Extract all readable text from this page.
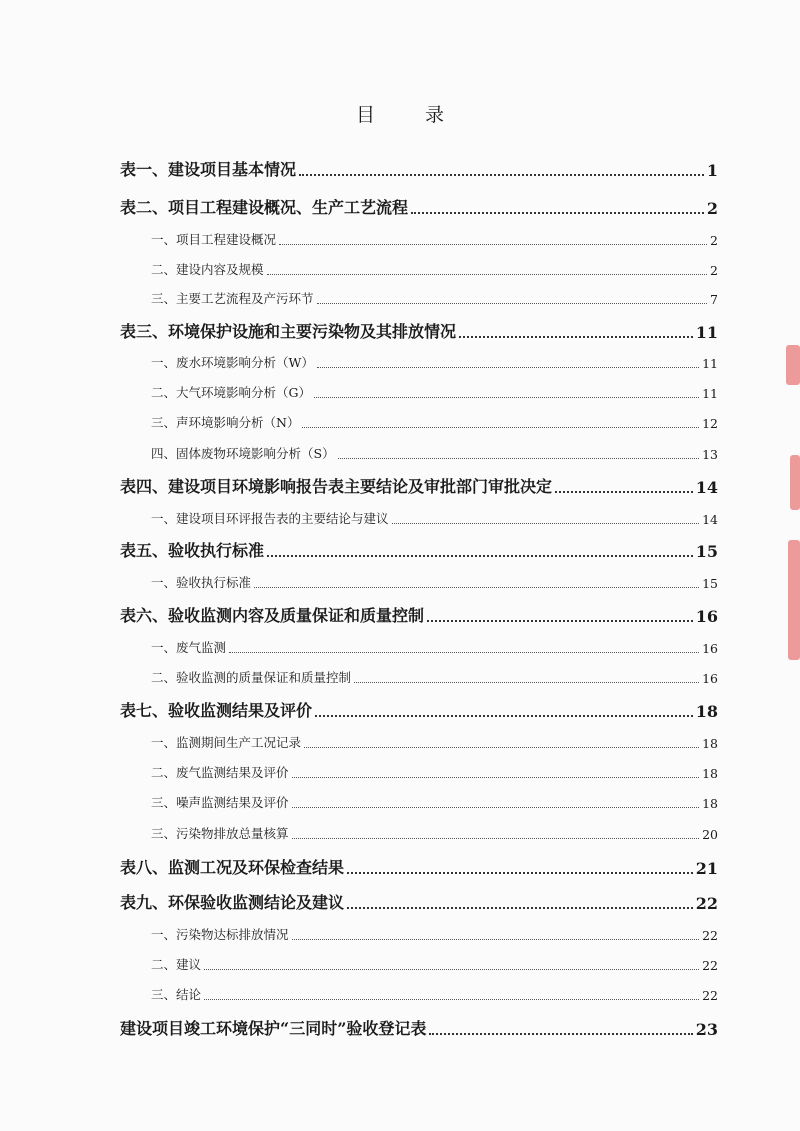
目 录
表一、建设项目基本情况	1
表二、项目工程建设概况、生产工艺流程	2
一、项目工程建设概况	2
二、建设内容及规模	2
三、主要工艺流程及产污环节	7
表三、环境保护设施和主要污染物及其排放情况	11
一、废水环境影响分析（W）	11
二、大气环境影响分析（G）	11
三、声环境影响分析（N）	12
四、固体废物环境影响分析（S）	13
表四、建设项目环境影响报告表主要结论及审批部门审批决定	14
一、建设项目环评报告表的主要结论与建议	14
表五、验收执行标准	15
一、验收执行标准	15
表六、验收监测内容及质量保证和质量控制	16
一、废气监测	16
二、验收监测的质量保证和质量控制	16
表七、验收监测结果及评价	18
一、监测期间生产工况记录	18
二、废气监测结果及评价	18
三、噪声监测结果及评价	18
三、污染物排放总量核算	20
表八、监测工况及环保检查结果	21
表九、环保验收监测结论及建议	22
一、污染物达标排放情况	22
二、建议	22
三、结论	22
建设项目竣工环境保护“三同时”验收登记表	23
